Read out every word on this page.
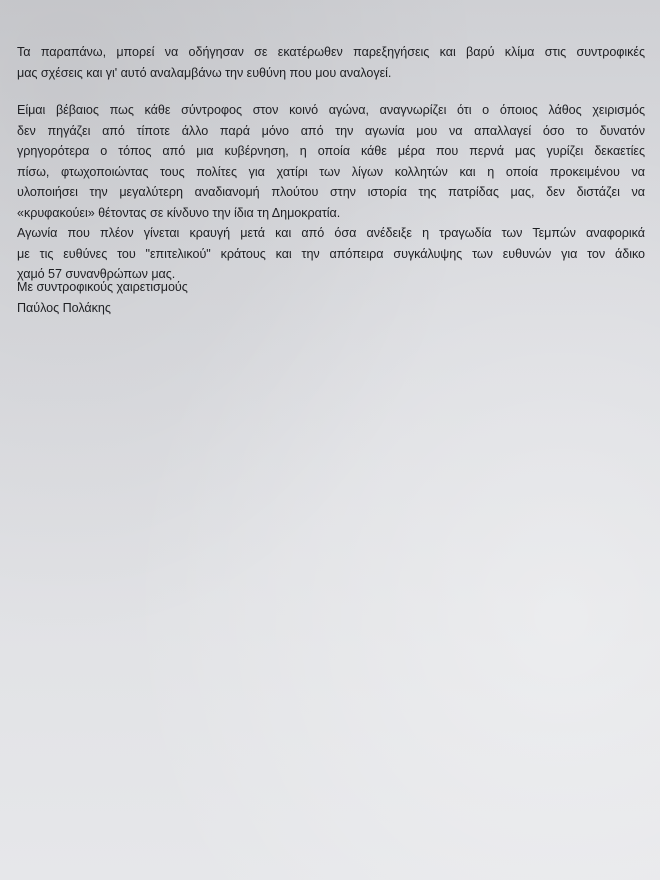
Τα παραπάνω, μπορεί να οδήγησαν σε εκατέρωθεν παρεξηγήσεις και βαρύ κλίμα στις συντροφικές
μας σχέσεις και γι' αυτό αναλαμβάνω την ευθύνη που μου αναλογεί.
Είμαι βέβαιος πως κάθε σύντροφος στον κοινό αγώνα, αναγνωρίζει ότι ο όποιος λάθος χειρισμός
δεν πηγάζει από τίποτε άλλο παρά μόνο από την αγωνία μου να απαλλαγεί όσο το δυνατόν
γρηγορότερα ο τόπος από μια κυβέρνηση, η οποία κάθε μέρα που περνά μας γυρίζει δεκαετίες
πίσω, φτωχοποιώντας τους πολίτες για χατίρι των λίγων κολλητών και η οποία προκειμένου να
υλοποιήσει την μεγαλύτερη αναδιανομή πλούτου στην ιστορία της πατρίδας μας, δεν διστάζει να
«κρυφακούει» θέτοντας σε κίνδυνο την ίδια τη Δημοκρατία.
Αγωνία που πλέον γίνεται κραυγή μετά και από όσα ανέδειξε η τραγωδία των Τεμπών αναφορικά
με τις ευθύνες του "επιτελικού" κράτους και την απόπειρα συγκάλυψης των ευθυνών για τον άδικο
χαμό 57 συνανθρώπων μας.
Με συντροφικούς χαιρετισμούς
Παύλος Πολάκης
